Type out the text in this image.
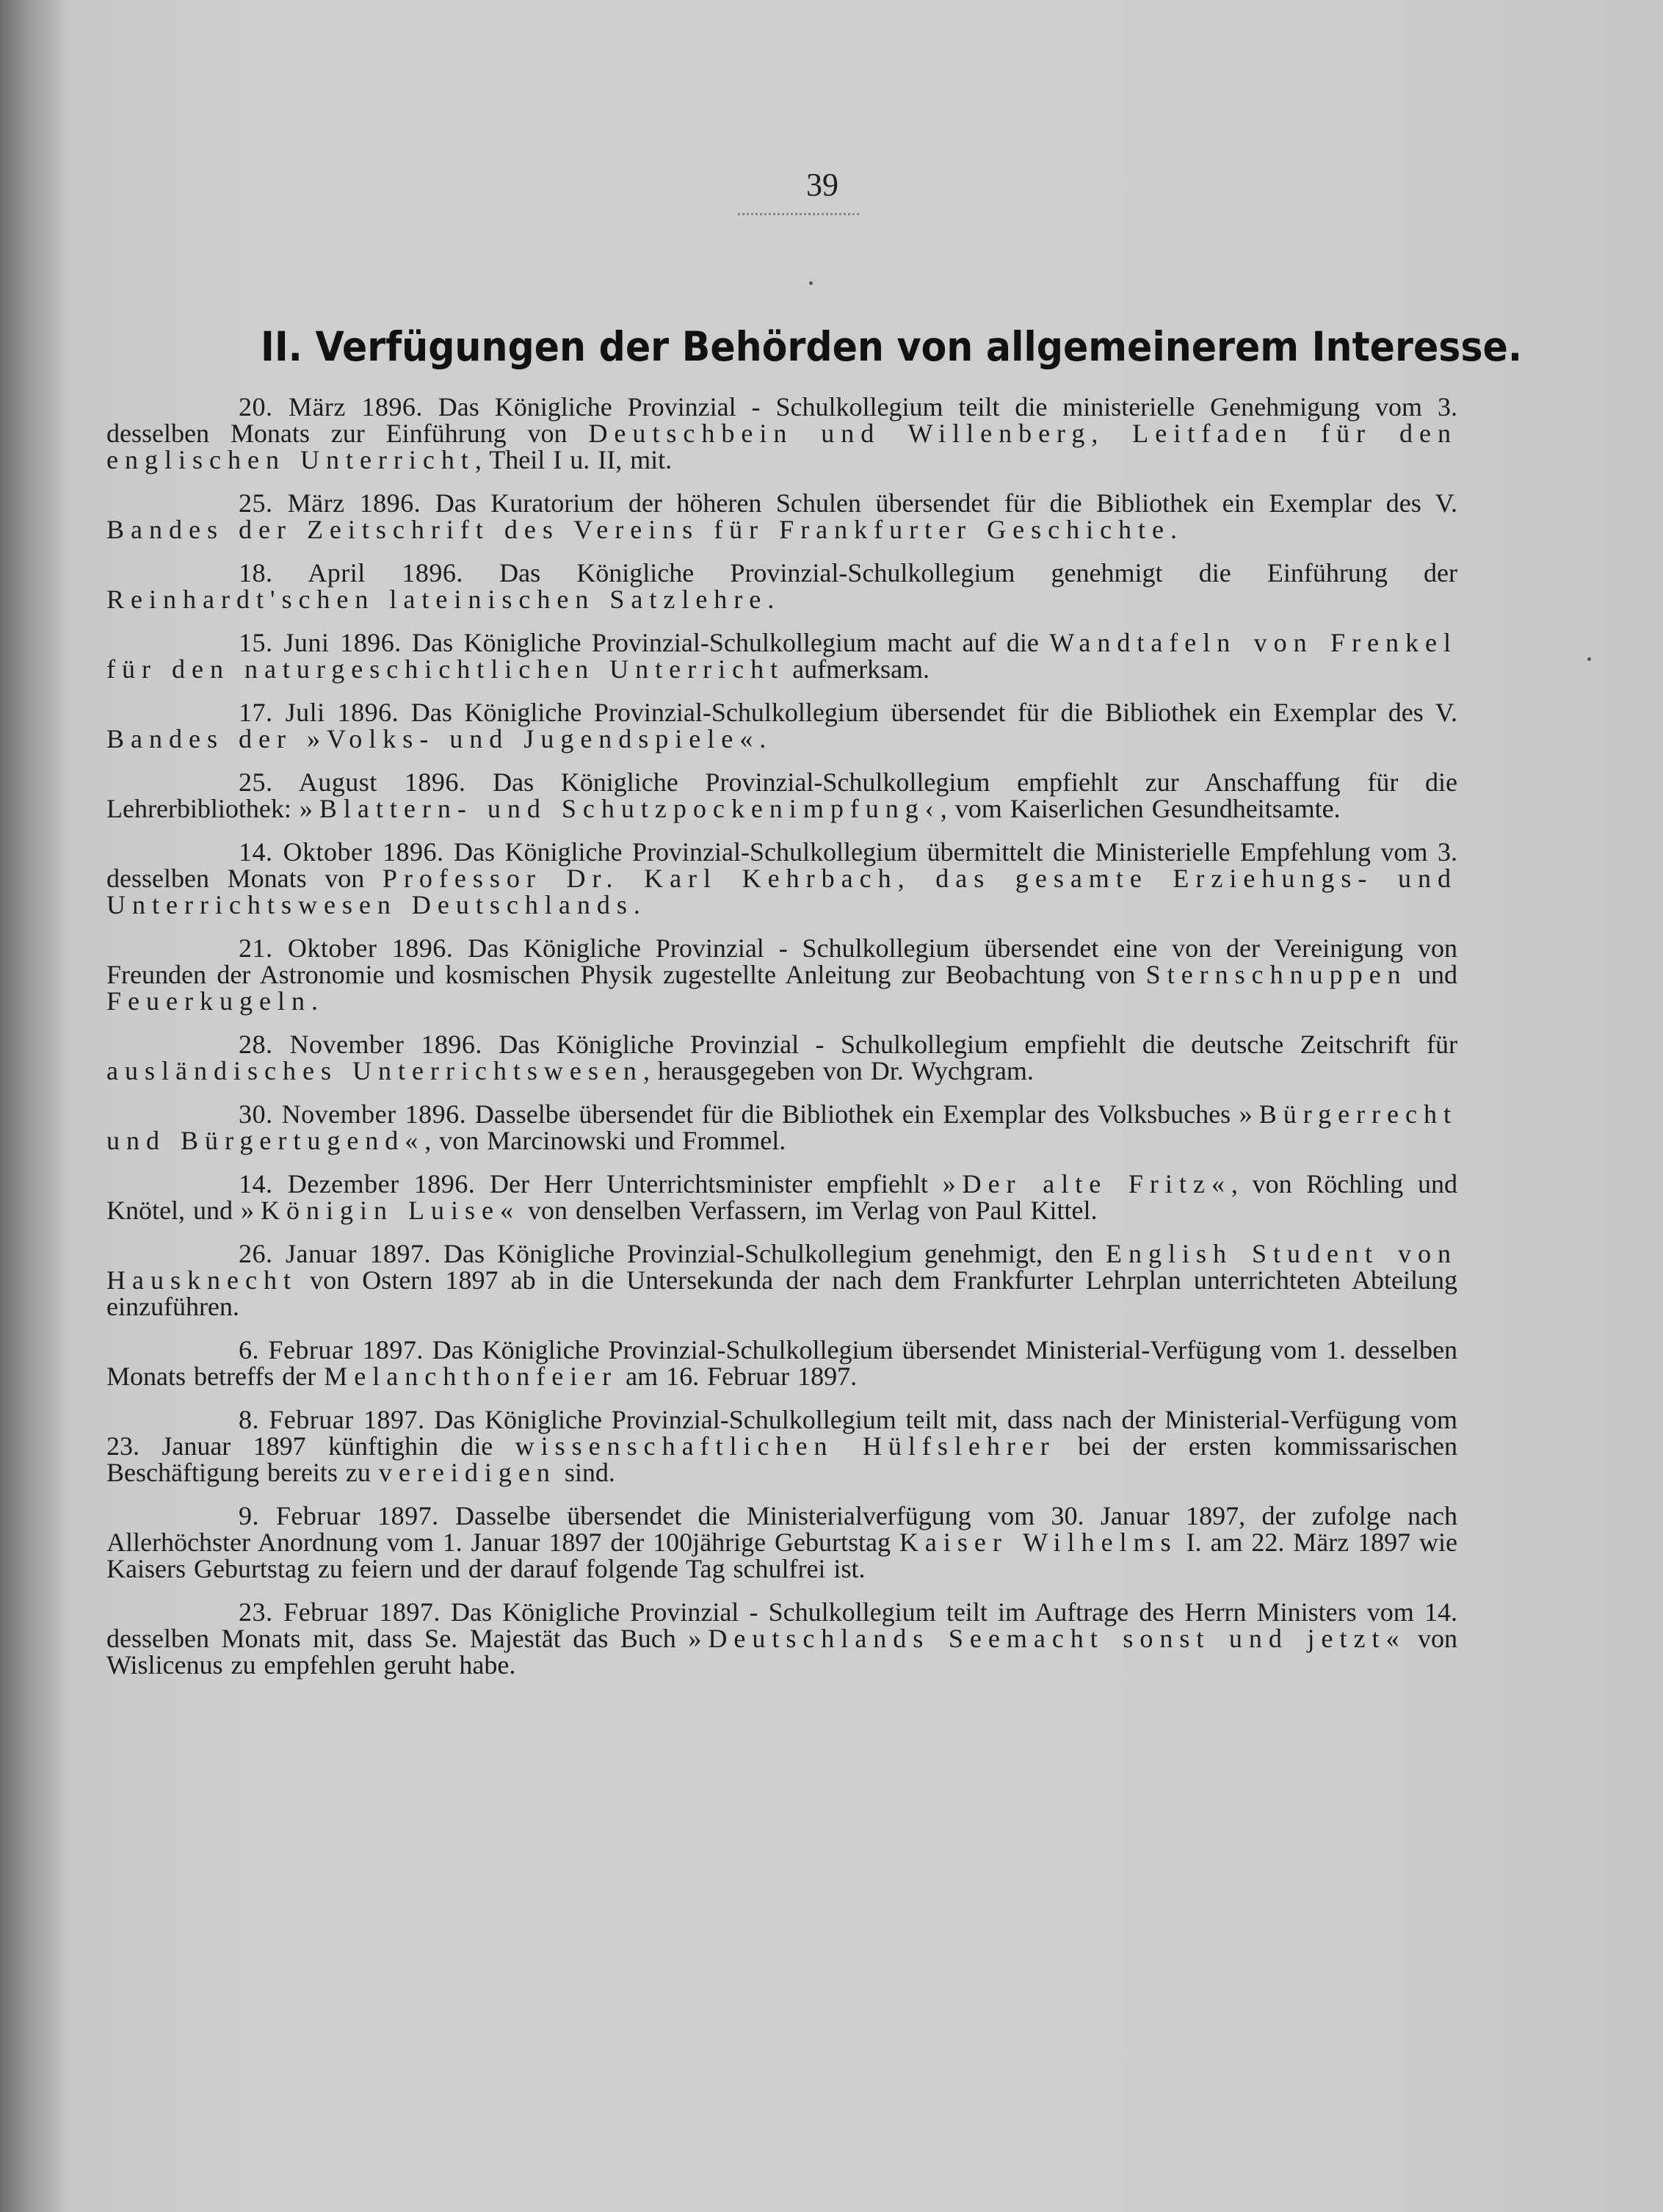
39
II. Verfügungen der Behörden von allgemeinerem Interesse.

20. März 1896. Das Königliche Provinzial - Schulkollegium teilt die ministerielle Genehmigung vom 3. desselben Monats zur Einführung von Deutschbein und Willenberg, Leitfaden für den englischen Unterricht, Theil I u. II, mit.

25. März 1896. Das Kuratorium der höheren Schulen übersendet für die Bibliothek ein Exemplar des V. Bandes der Zeitschrift des Vereins für Frankfurter Geschichte.

18. April 1896. Das Königliche Provinzial-Schulkollegium genehmigt die Einführung der Reinhardt'schen lateinischen Satzlehre.

15. Juni 1896. Das Königliche Provinzial-Schulkollegium macht auf die Wandtafeln von Frenkel für den naturgeschichtlichen Unterricht aufmerksam.

17. Juli 1896. Das Königliche Provinzial-Schulkollegium übersendet für die Bibliothek ein Exemplar des V. Bandes der »Volks- und Jugendspiele«.

25. August 1896. Das Königliche Provinzial-Schulkollegium empfiehlt zur Anschaffung für die Lehrerbibliothek: »Blattern- und Schutzpockenimpfung‹, vom Kaiserlichen Gesundheitsamte.

14. Oktober 1896. Das Königliche Provinzial-Schulkollegium übermittelt die Ministerielle Empfehlung vom 3. desselben Monats von Professor Dr. Karl Kehrbach, das gesamte Erziehungs- und Unterrichtswesen Deutschlands.

21. Oktober 1896. Das Königliche Provinzial - Schulkollegium übersendet eine von der Vereinigung von Freunden der Astronomie und kosmischen Physik zugestellte Anleitung zur Beobachtung von Sternschnuppen und Feuerkugeln.

28. November 1896. Das Königliche Provinzial - Schulkollegium empfiehlt die deutsche Zeitschrift für ausländisches Unterrichtswesen, herausgegeben von Dr. Wychgram.

30. November 1896. Dasselbe übersendet für die Bibliothek ein Exemplar des Volksbuches »Bürgerrecht und Bürgertugend«, von Marcinowski und Frommel.

14. Dezember 1896. Der Herr Unterrichtsminister empfiehlt »Der alte Fritz«, von Röchling und Knötel, und »Königin Luise« von denselben Verfassern, im Verlag von Paul Kittel.

26. Januar 1897. Das Königliche Provinzial-Schulkollegium genehmigt, den English Student von Hausknecht von Ostern 1897 ab in die Untersekunda der nach dem Frankfurter Lehrplan unterrichteten Abteilung einzuführen.

6. Februar 1897. Das Königliche Provinzial-Schulkollegium übersendet Ministerial-Verfügung vom 1. desselben Monats betreffs der Melanchthonfeier am 16. Februar 1897.

8. Februar 1897. Das Königliche Provinzial-Schulkollegium teilt mit, dass nach der Ministerial-Verfügung vom 23. Januar 1897 künftighin die wissenschaftlichen Hülfslehrer bei der ersten kommissarischen Beschäftigung bereits zu vereidigen sind.

9. Februar 1897. Dasselbe übersendet die Ministerialverfügung vom 30. Januar 1897, der zufolge nach Allerhöchster Anordnung vom 1. Januar 1897 der 100jährige Geburtstag Kaiser Wilhelms I. am 22. März 1897 wie Kaisers Geburtstag zu feiern und der darauf folgende Tag schulfrei ist.

23. Februar 1897. Das Königliche Provinzial - Schulkollegium teilt im Auftrage des Herrn Ministers vom 14. desselben Monats mit, dass Se. Majestät das Buch »Deutschlands Seemacht sonst und jetzt« von Wislicenus zu empfehlen geruht habe.
